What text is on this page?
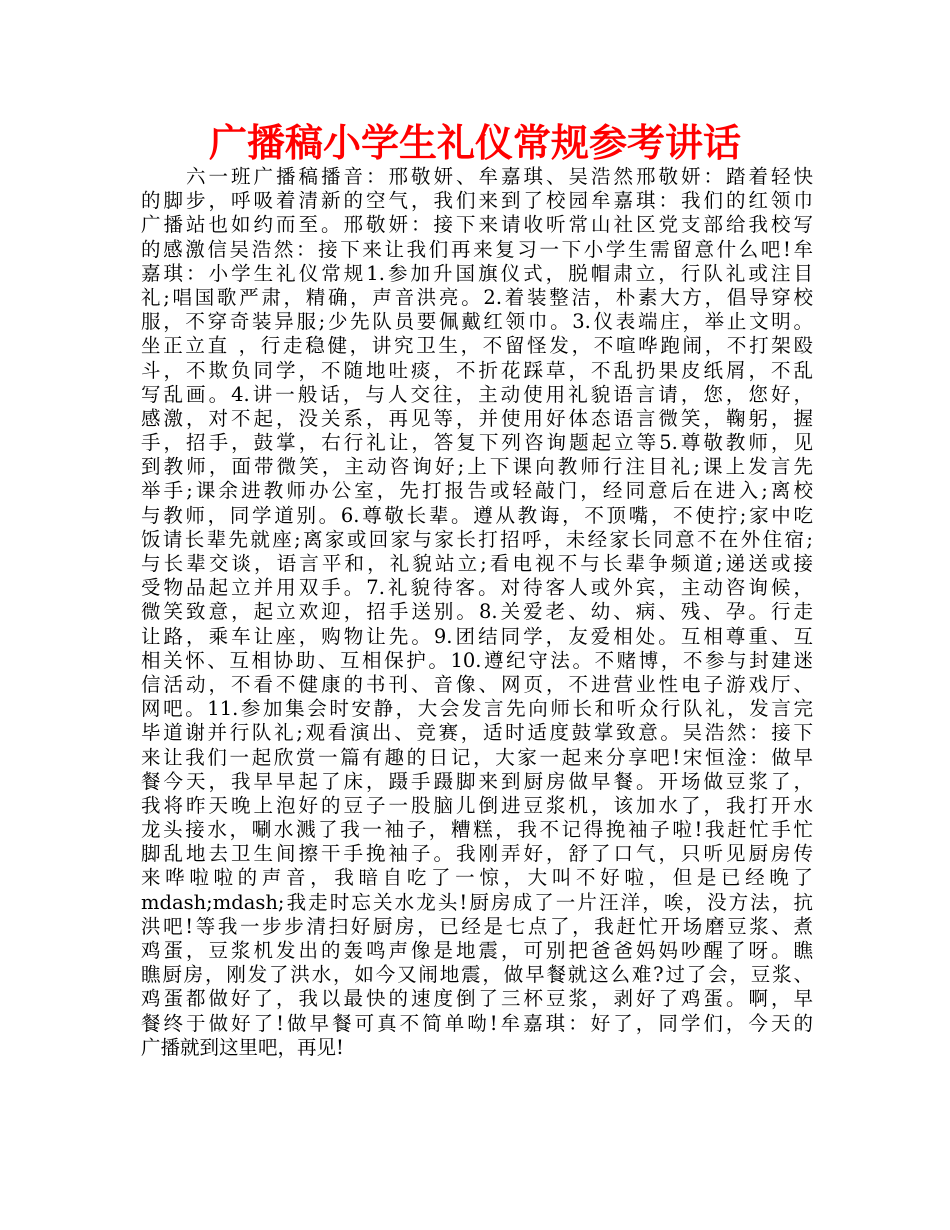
广播稿小学生礼仪常规参考讲话
　　六一班广播稿播音：邢敬妍、牟嘉琪、吴浩然邢敬妍：踏着轻快
的脚步，呼吸着清新的空气，我们来到了校园牟嘉琪：我们的红领巾
广播站也如约而至。邢敬妍：接下来请收听常山社区党支部给我校写
的感激信吴浩然：接下来让我们再来复习一下小学生需留意什么吧!牟
嘉琪：小学生礼仪常规1.参加升国旗仪式，脱帽肃立，行队礼或注目
礼;唱国歌严肃，精确，声音洪亮。2.着装整洁，朴素大方，倡导穿校
服，不穿奇装异服;少先队员要佩戴红领巾。3.仪表端庄，举止文明。
坐正立直 ，行走稳健，讲究卫生，不留怪发，不喧哗跑闹，不打架殴
斗，不欺负同学，不随地吐痰，不折花踩草，不乱扔果皮纸屑，不乱
写乱画。4.讲一般话，与人交往，主动使用礼貌语言请，您，您好，
感激，对不起，没关系，再见等，并使用好体态语言微笑，鞠躬，握
手，招手，鼓掌，右行礼让，答复下列咨询题起立等5.尊敬教师，见
到教师，面带微笑，主动咨询好;上下课向教师行注目礼;课上发言先
举手;课余进教师办公室，先打报告或轻敲门，经同意后在进入;离校
与教师，同学道别。6.尊敬长辈。遵从教诲，不顶嘴，不使拧;家中吃
饭请长辈先就座;离家或回家与家长打招呼，未经家长同意不在外住宿;
与长辈交谈，语言平和，礼貌站立;看电视不与长辈争频道;递送或接
受物品起立并用双手。7.礼貌待客。对待客人或外宾，主动咨询候，
微笑致意，起立欢迎，招手送别。8.关爱老、幼、病、残、孕。行走
让路，乘车让座，购物让先。9.团结同学，友爱相处。互相尊重、互
相关怀、互相协助、互相保护。10.遵纪守法。不赌博，不参与封建迷
信活动，不看不健康的书刊、音像、网页，不进营业性电子游戏厅、
网吧。11.参加集会时安静，大会发言先向师长和听众行队礼，发言完
毕道谢并行队礼;观看演出、竞赛，适时适度鼓掌致意。吴浩然：接下
来让我们一起欣赏一篇有趣的日记，大家一起来分享吧!宋恒淦：做早
餐今天，我早早起了床，蹑手蹑脚来到厨房做早餐。开场做豆浆了，
我将昨天晚上泡好的豆子一股脑儿倒进豆浆机，该加水了，我打开水
龙头接水，唰水溅了我一袖子，糟糕，我不记得挽袖子啦!我赶忙手忙
脚乱地去卫生间擦干手挽袖子。我刚弄好，舒了口气，只听见厨房传
来哗啦啦的声音，我暗自吃了一惊，大叫不好啦，但是已经晚了
mdash;mdash;我走时忘关水龙头!厨房成了一片汪洋，唉，没方法，抗
洪吧!等我一步步清扫好厨房，已经是七点了，我赶忙开场磨豆浆、煮
鸡蛋，豆浆机发出的轰鸣声像是地震，可别把爸爸妈妈吵醒了呀。瞧
瞧厨房，刚发了洪水，如今又闹地震，做早餐就这么难?过了会，豆浆、
鸡蛋都做好了，我以最快的速度倒了三杯豆浆，剥好了鸡蛋。啊，早
餐终于做好了!做早餐可真不简单呦!牟嘉琪：好了，同学们，今天的
广播就到这里吧，再见!
